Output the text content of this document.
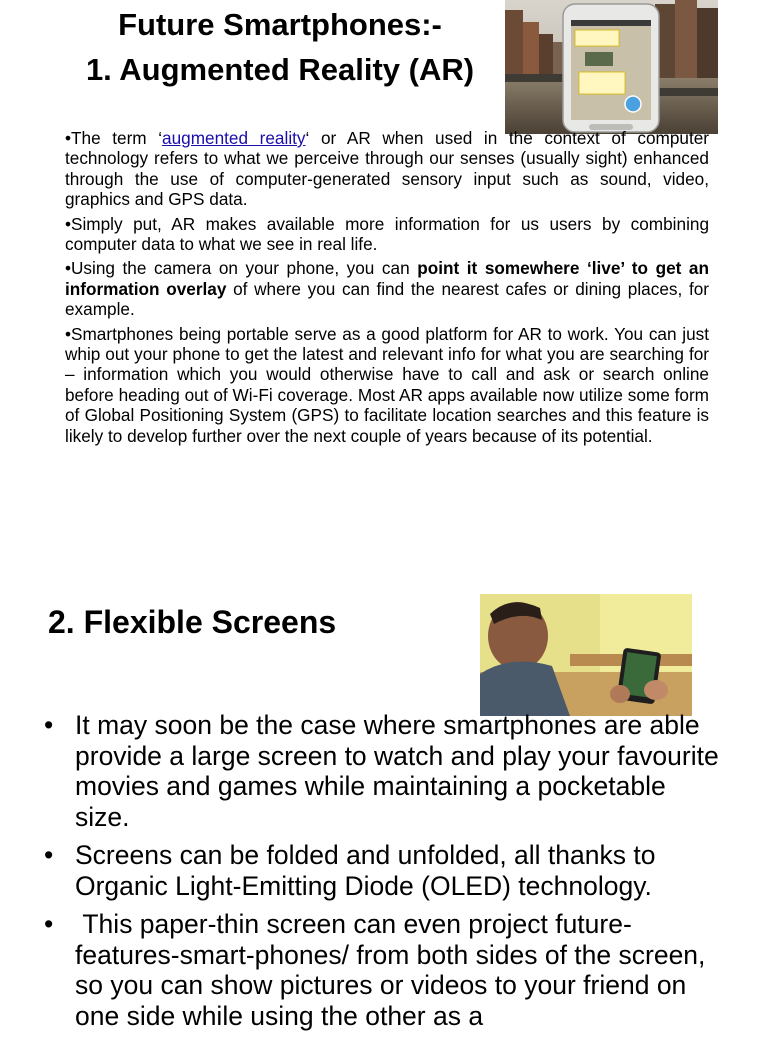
Future Smartphones:-
1. Augmented Reality (AR)

•The term ‘augmented reality‘ or AR when used in the context of computer technology refers to what we perceive through our senses (usually sight) enhanced through the use of computer-generated sensory input such as sound, video, graphics and GPS data.

•Simply put, AR makes available more information for us users by combining computer data to what we see in real life.

•Using the camera on your phone, you can point it somewhere ‘live’ to get an information overlay of where you can find the nearest cafes or dining places, for example.

•Smartphones being portable serve as a good platform for AR to work. You can just whip out your phone to get the latest and relevant info for what you are searching for – information which you would otherwise have to call and ask or search online before heading out of Wi-Fi coverage. Most AR apps available now utilize some form of Global Positioning System (GPS) to facilitate location searches and this feature is likely to develop further over the next couple of years because of its potential.

2. Flexible Screens
• It may soon be the case where smartphones are able provide a large screen to watch and play your favourite movies and games while maintaining a pocketable size.
• Screens can be folded and unfolded, all thanks to Organic Light-Emitting Diode (OLED) technology.
• This paper-thin screen can even project future-features-smart-phones/ from both sides of the screen, so you can show pictures or videos to your friend on one side while using the other as a
